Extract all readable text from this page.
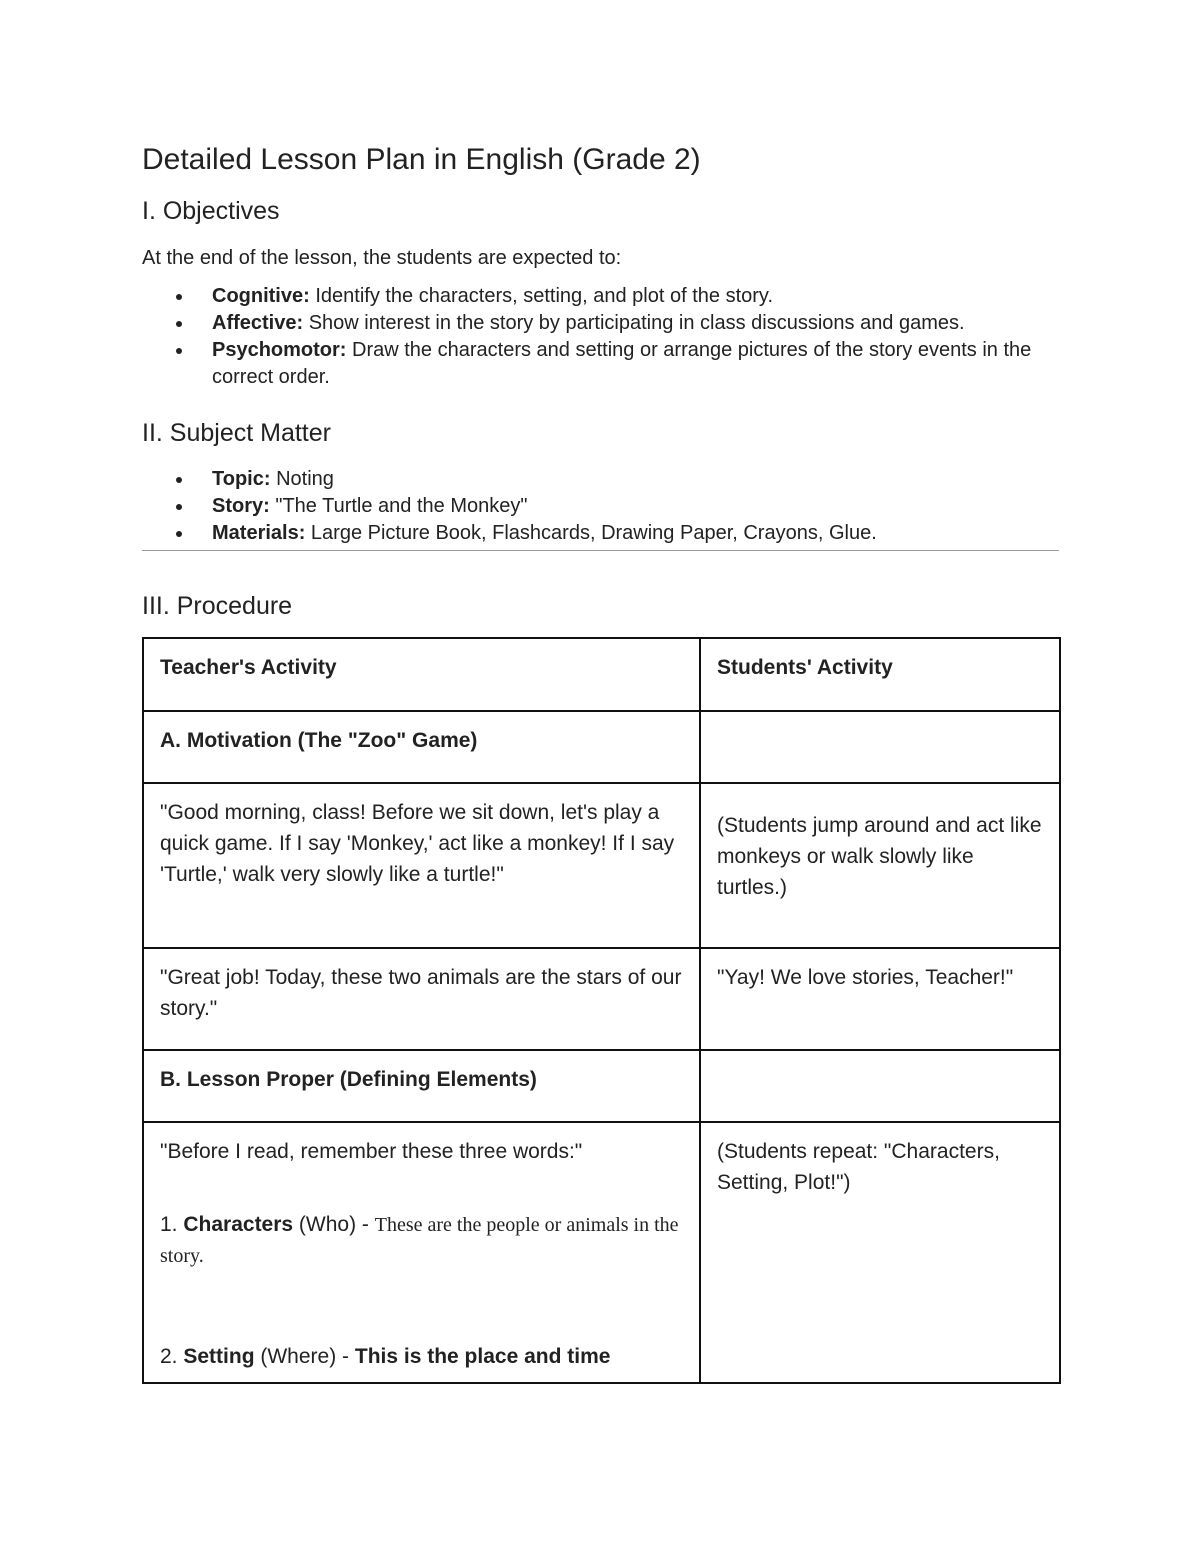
Detailed Lesson Plan in English (Grade 2)
I. Objectives

At the end of the lesson, the students are expected to:

Cognitive: Identify the characters, setting, and plot of the story.
Affective: Show interest in the story by participating in class discussions and games.
Psychomotor: Draw the characters and setting or arrange pictures of the story events in the correct order.
II. Subject Matter
Topic: Noting
Story: "The Turtle and the Monkey"
Materials: Large Picture Book, Flashcards, Drawing Paper, Crayons, Glue.
III. Procedure
Teacher's Activity	Students' Activity
A. Motivation (The "Zoo" Game)	
"Good morning, class! Before we sit down, let's play a quick game. If I say 'Monkey,' act like a monkey! If I say 'Turtle,' walk very slowly like a turtle!"	(Students jump around and act like monkeys or walk slowly like turtles.)
"Great job! Today, these two animals are the stars of our story."	"Yay! We love stories, Teacher!"
B. Lesson Proper (Defining Elements)	
"Before I read, remember these three words:"
1. Characters (Who) - These are the people or animals in the story.
2. Setting (Where) - This is the place and time	(Students repeat: "Characters, Setting, Plot!")
